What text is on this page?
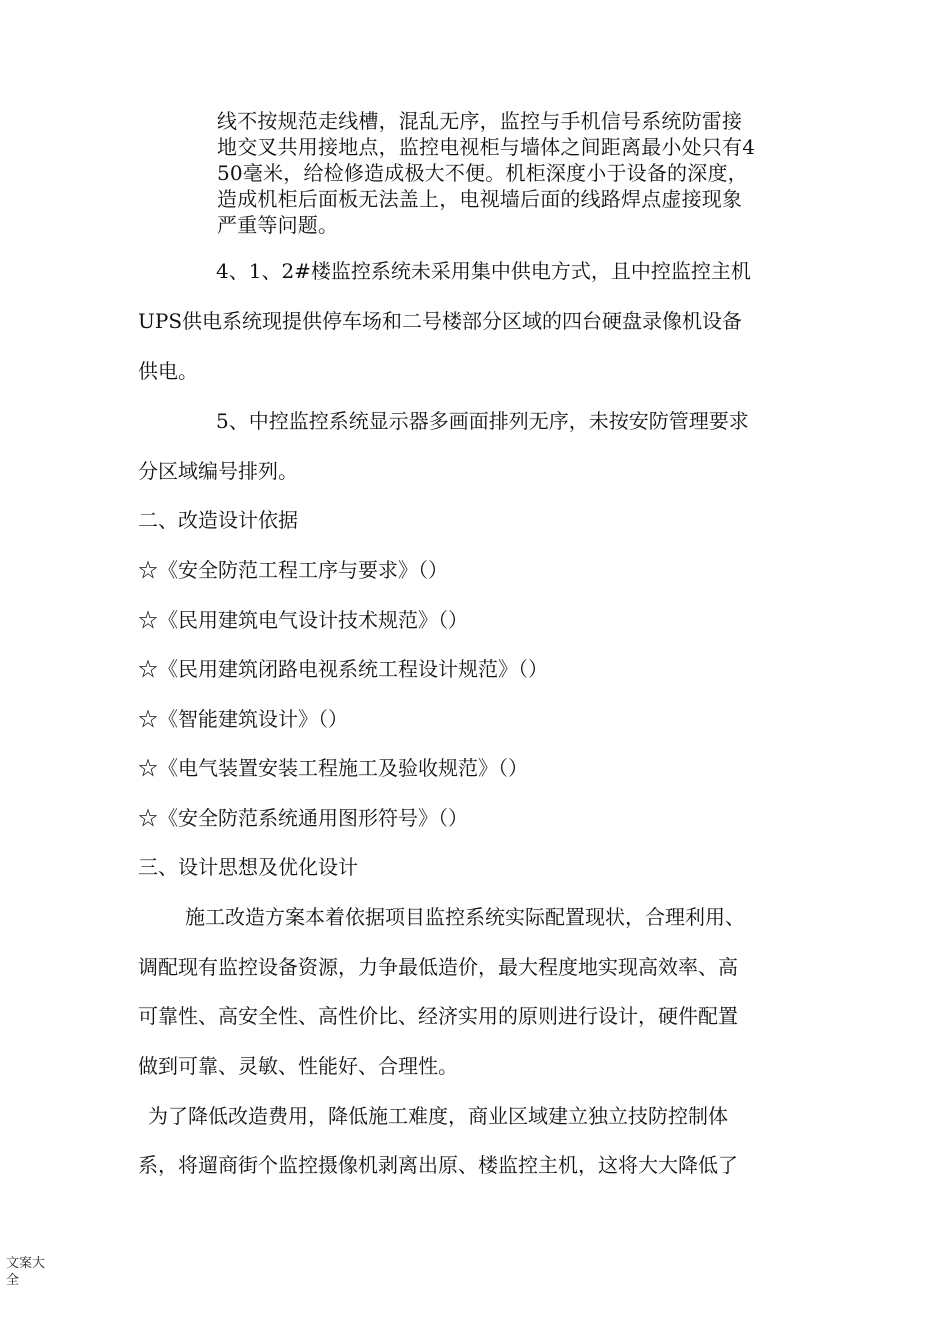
线不按规范走线槽，混乱无序，监控与手机信号系统防雷接

地交叉共用接地点，监控电视柜与墙体之间距离最小处只有4

50毫米，给检修造成极大不便。机柜深度小于设备的深度，

造成机柜后面板无法盖上，电视墙后面的线路焊点虚接现象

严重等问题。

4、1、2#楼监控系统未采用集中供电方式，且中控监控主机
UPS供电系统现提供停车场和二号楼部分区域的四台硬盘录像机设备
供电。
5、中控监控系统显示器多画面排列无序，未按安防管理要求
分区域编号排列。
二、改造设计依据
☆《安全防范工程工序与要求》（）
☆《民用建筑电气设计技术规范》（）
☆《民用建筑闭路电视系统工程设计规范》（）
☆《智能建筑设计》（）
☆《电气装置安装工程施工及验收规范》（）
☆《安全防范系统通用图形符号》（）
三、设计思想及优化设计
施工改造方案本着依据项目监控系统实际配置现状，合理利用、
调配现有监控设备资源，力争最低造价，最大程度地实现高效率、高
可靠性、高安全性、高性价比、经济实用的原则进行设计，硬件配置
做到可靠、灵敏、性能好、合理性。
为了降低改造费用，降低施工难度，商业区域建立独立技防控制体
系，将遛商街个监控摄像机剥离出原、楼监控主机，这将大大降低了
文案大全
